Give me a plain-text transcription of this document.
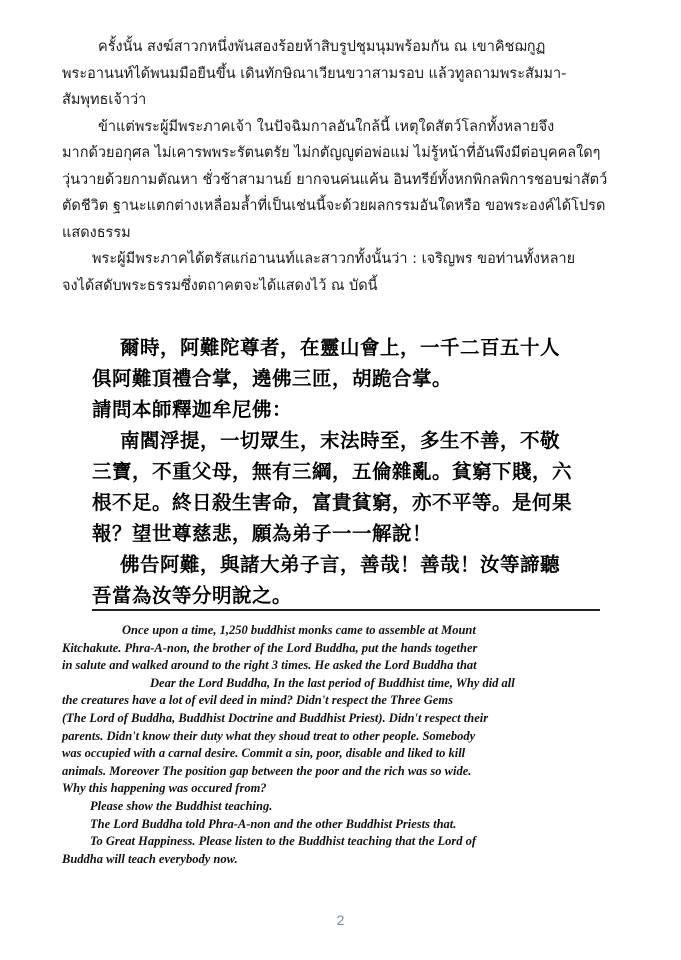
ครั้งนั้น สงฆ์สาวกหนึ่งพันสองร้อยห้าสิบรูปชุมนุมพร้อมกัน ณ เขาคิชฌกูฏ

พระอานนท์ได้พนมมือยืนขึ้น เดินทักษิณาเวียนขวาสามรอบ แล้วทูลถามพระสัมมา-

สัมพุทธเจ้าว่า

ข้าแต่พระผู้มีพระภาคเจ้า ในปัจฉิมกาลอันใกล้นี้ เหตุใดสัตว์โลกทั้งหลายจึง

มากด้วยอกุศล ไม่เคารพพระรัตนตรัย ไม่กตัญญูต่อพ่อแม่ ไม่รู้หน้าที่อันพึงมีต่อบุคคลใดๆ

วุ่นวายด้วยกามตัณหา ชั่วช้าสามานย์ ยากจนค่นแค้น อินทรีย์ทั้งหกพิกลพิการชอบฆ่าสัตว์

ตัดชีวิต ฐานะแตกต่างเหลื่อมล้ำที่เป็นเช่นนี้จะด้วยผลกรรมอันใดหรือ ขอพระองค์ได้โปรด

แสดงธรรม

พระผู้มีพระภาคได้ตรัสแก่อานนท์และสาวกทั้งนั้นว่า : เจริญพร ขอท่านทั้งหลาย

จงได้สดับพระธรรมซึ่งตถาคตจะได้แสดงไว้ ณ บัดนี้

爾時，阿難陀尊者，在靈山會上，一千二百五十人

俱阿難頂禮合掌，遶佛三匝，胡跪合掌。

請問本師釋迦牟尼佛：

南閻浮提，一切眾生，末法時至，多生不善，不敬

三寶，不重父母，無有三綱，五倫雜亂。貧窮下賤，六

根不足。終日殺生害命，富貴貧窮，亦不平等。是何果

報？望世尊慈悲，願為弟子一一解說！

佛告阿難，與諸大弟子言，善哉！善哉！汝等諦聽

吾當為汝等分明說之。

Once upon a time, 1,250 buddhist monks came to assemble at Mount

Kitchakute. Phra-A-non, the brother of the Lord Buddha, put the hands together

in salute and walked around to the right 3 times. He asked the Lord Buddha that

Dear the Lord Buddha, In the last period of Buddhist time, Why did all

the creatures have a lot of evil deed in mind? Didn't respect the Three Gems

(The Lord of Buddha, Buddhist Doctrine and Buddhist Priest). Didn't respect their

parents. Didn't know their duty what they shoud treat to other people. Somebody

was occupied with a carnal desire. Commit a sin, poor, disable and liked to kill

animals. Moreover The position gap between the poor and the rich was so wide.

Why this happening was occured from?

Please show the Buddhist teaching.

The Lord Buddha told Phra-A-non and the other Buddhist Priests that.

To Great Happiness. Please listen to the Buddhist teaching that the Lord of

Buddha will teach everybody now.

2
